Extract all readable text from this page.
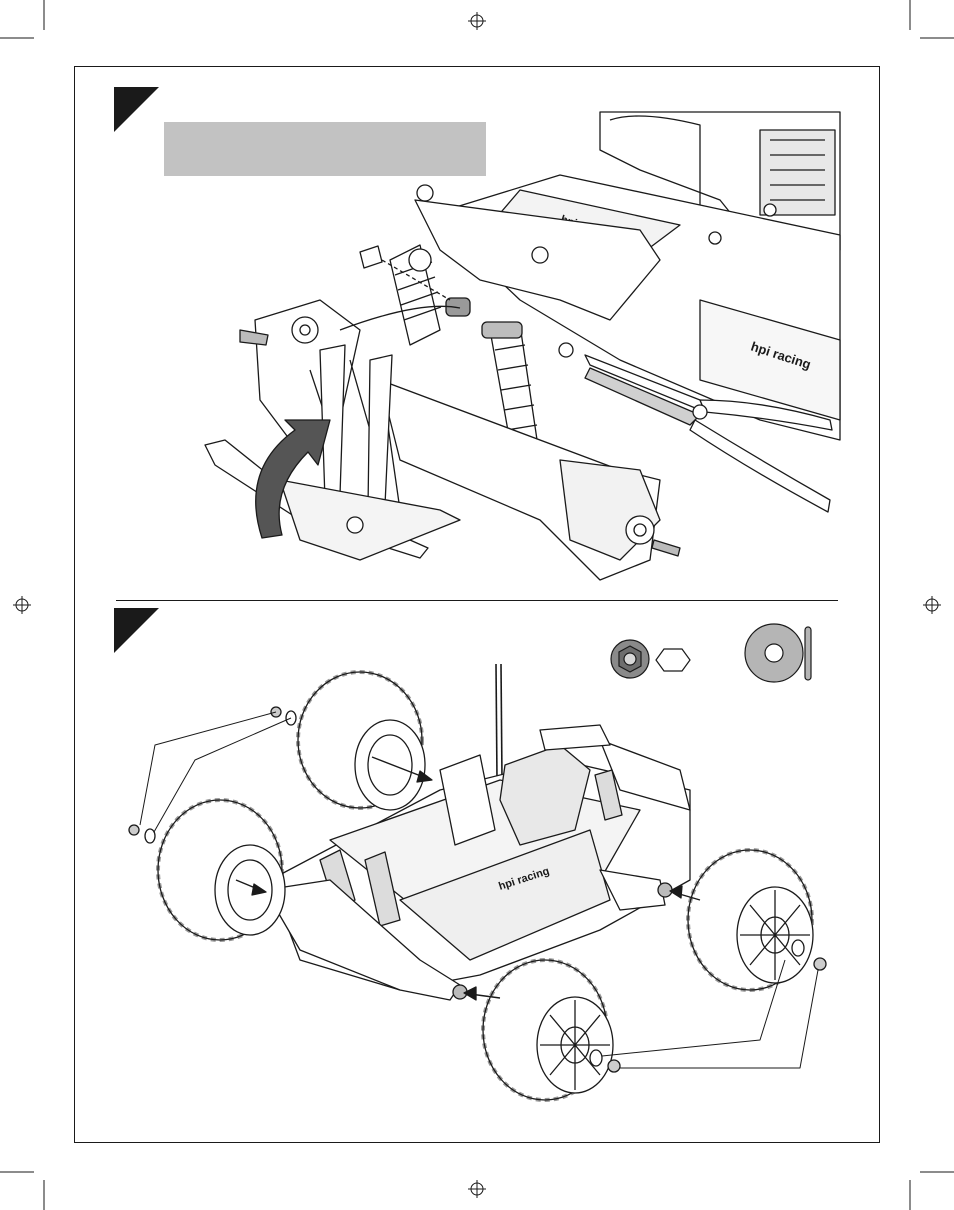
hpi racing
hpi racing
